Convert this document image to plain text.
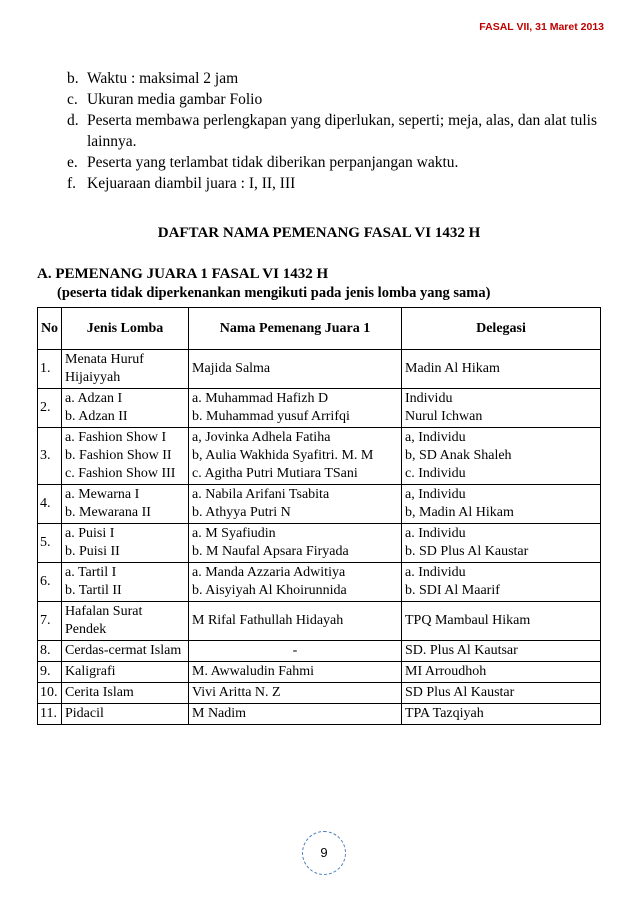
FASAL VII, 31 Maret 2013
b. Waktu : maksimal 2 jam
c. Ukuran media gambar Folio
d. Peserta membawa perlengkapan yang diperlukan, seperti; meja, alas, dan alat tulis lainnya.
e. Peserta yang terlambat tidak diberikan perpanjangan waktu.
f. Kejuaraan diambil juara : I, II, III
DAFTAR NAMA PEMENANG FASAL VI 1432 H
A. PEMENANG JUARA 1 FASAL VI 1432 H
(peserta tidak diperkenankan mengikuti pada jenis lomba yang sama)
No	Jenis Lomba	Nama Pemenang Juara 1	Delegasi
1.	Menata Huruf
Hijaiyyah	Majida Salma	Madin Al Hikam

2.	a. Adzan I
b. Adzan II	a. Muhammad Hafizh D
b. Muhammad yusuf Arrifqi	Individu
Nurul Ichwan

3.	a. Fashion Show I
b. Fashion Show II
c. Fashion Show III	a, Jovinka Adhela Fatiha
b, Aulia Wakhida Syafitri. M. M
c. Agitha Putri Mutiara TSani	a, Individu
b, SD Anak Shaleh
c. Individu

4.	a. Mewarna I
b. Mewarana II	a. Nabila Arifani Tsabita
b. Athyya Putri N	a, Individu
b, Madin Al Hikam

5.	a. Puisi I
b. Puisi II	a. M Syafiudin
b. M Naufal Apsara Firyada	a. Individu
b. SD Plus Al Kaustar

6.	a. Tartil I
b. Tartil II	a. Manda Azzaria Adwitiya
b. Aisyiyah Al Khoirunnida	a. Individu
b. SDI Al Maarif

7.	Hafalan Surat
Pendek	M Rifal Fathullah Hidayah	TPQ Mambaul Hikam

8.	Cerdas-cermat Islam	-	SD. Plus Al Kautsar

9.	Kaligrafi	M. Awwaludin Fahmi	MI Arroudhoh

10.	Cerita Islam	Vivi Aritta N. Z	SD Plus Al Kaustar

11.	Pidacil	M Nadim	TPA Tazqiyah
9
